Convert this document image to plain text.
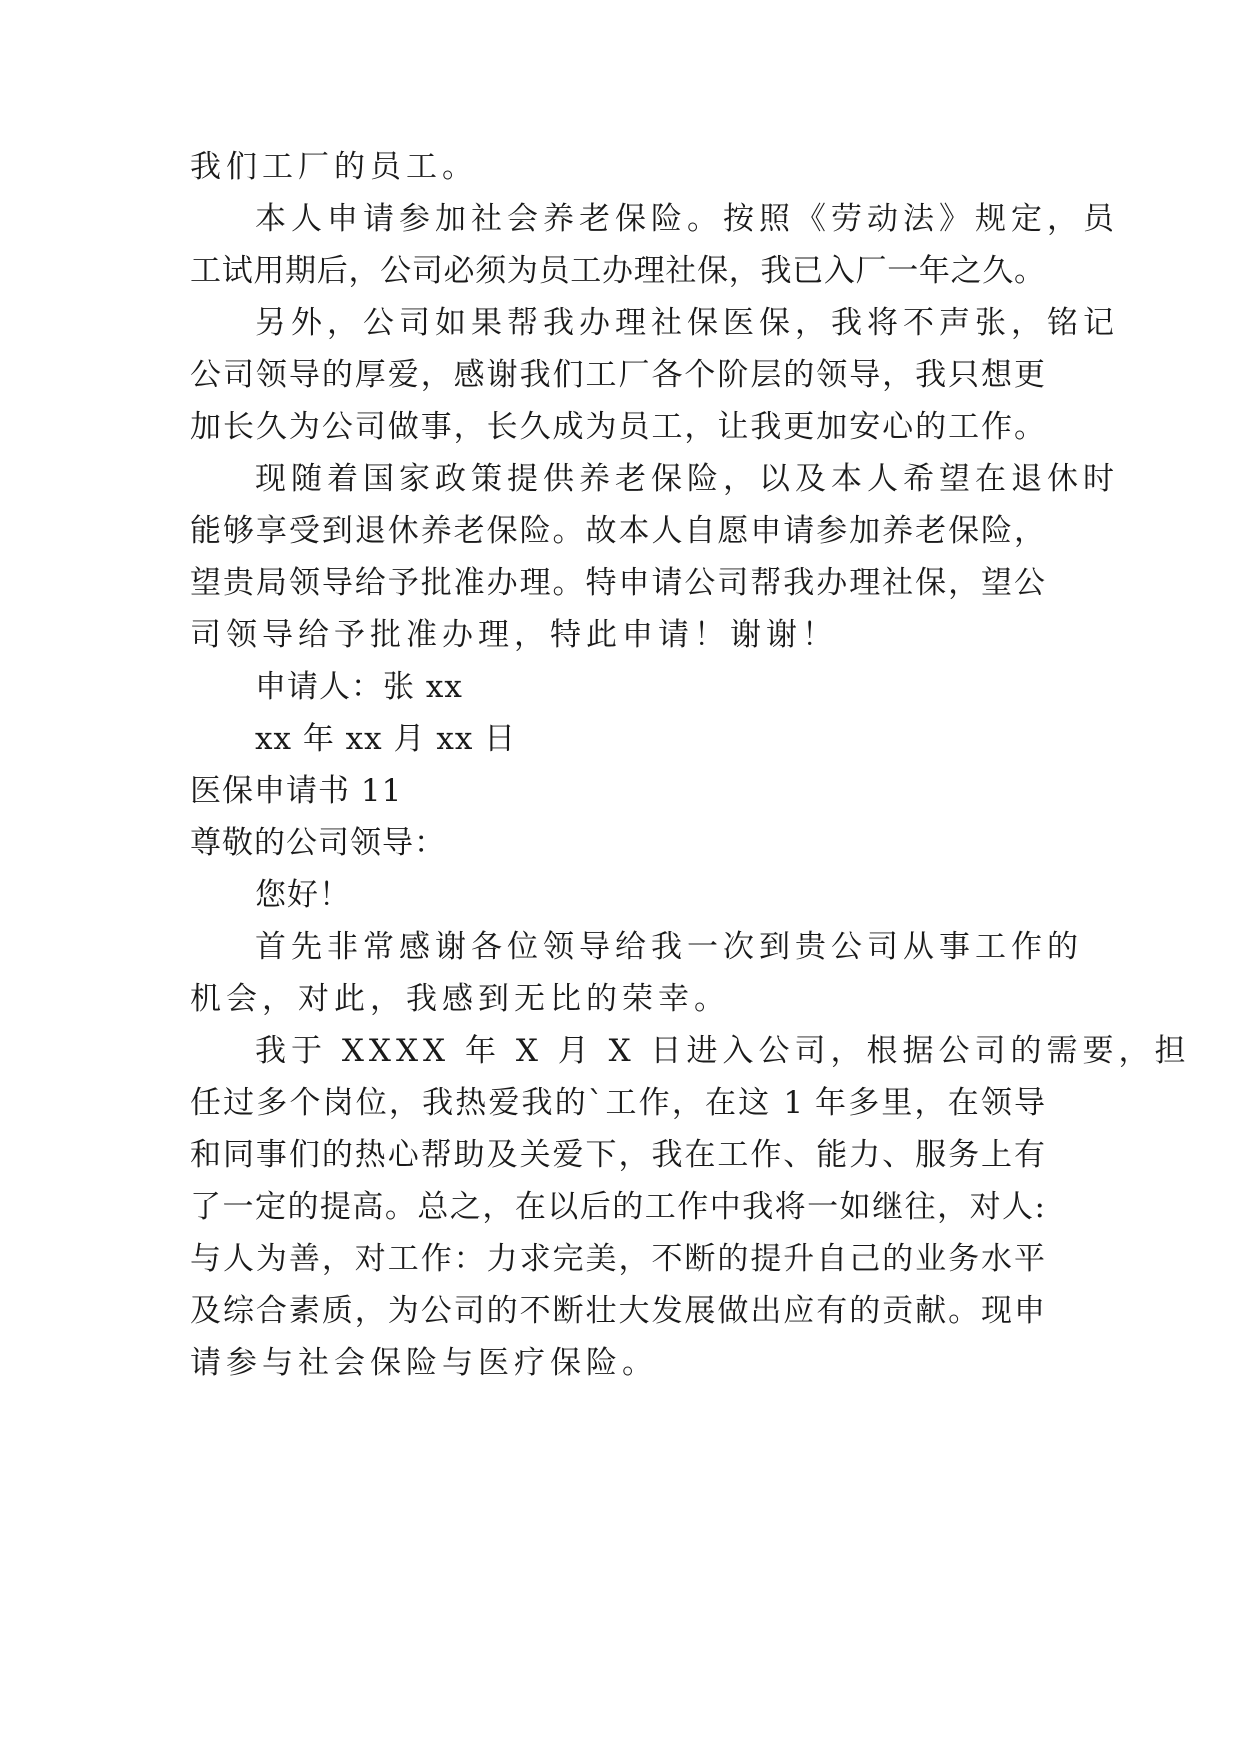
我们工厂的员工。
本人申请参加社会养老保险。按照《劳动法》规定，员
工试用期后，公司必须为员工办理社保，我已入厂一年之久。
另外，公司如果帮我办理社保医保，我将不声张，铭记
公司领导的厚爱，感谢我们工厂各个阶层的领导，我只想更
加长久为公司做事，长久成为员工，让我更加安心的工作。
现随着国家政策提供养老保险，以及本人希望在退休时
能够享受到退休养老保险。故本人自愿申请参加养老保险，
望贵局领导给予批准办理。特申请公司帮我办理社保，望公
司领导给予批准办理，特此申请！谢谢！
申请人：张 xx
xx 年 xx 月 xx 日
医保申请书 11
尊敬的公司领导：
您好！
首先非常感谢各位领导给我一次到贵公司从事工作的
机会，对此，我感到无比的荣幸。
我于 XXXX 年 X 月 X 日进入公司，根据公司的需要，担
任过多个岗位，我热爱我的`工作，在这 1 年多里，在领导
和同事们的热心帮助及关爱下，我在工作、能力、服务上有
了一定的提高。总之，在以后的工作中我将一如继往，对人:
与人为善，对工作：力求完美，不断的提升自己的业务水平
及综合素质，为公司的不断壮大发展做出应有的贡献。现申
请参与社会保险与医疗保险。
